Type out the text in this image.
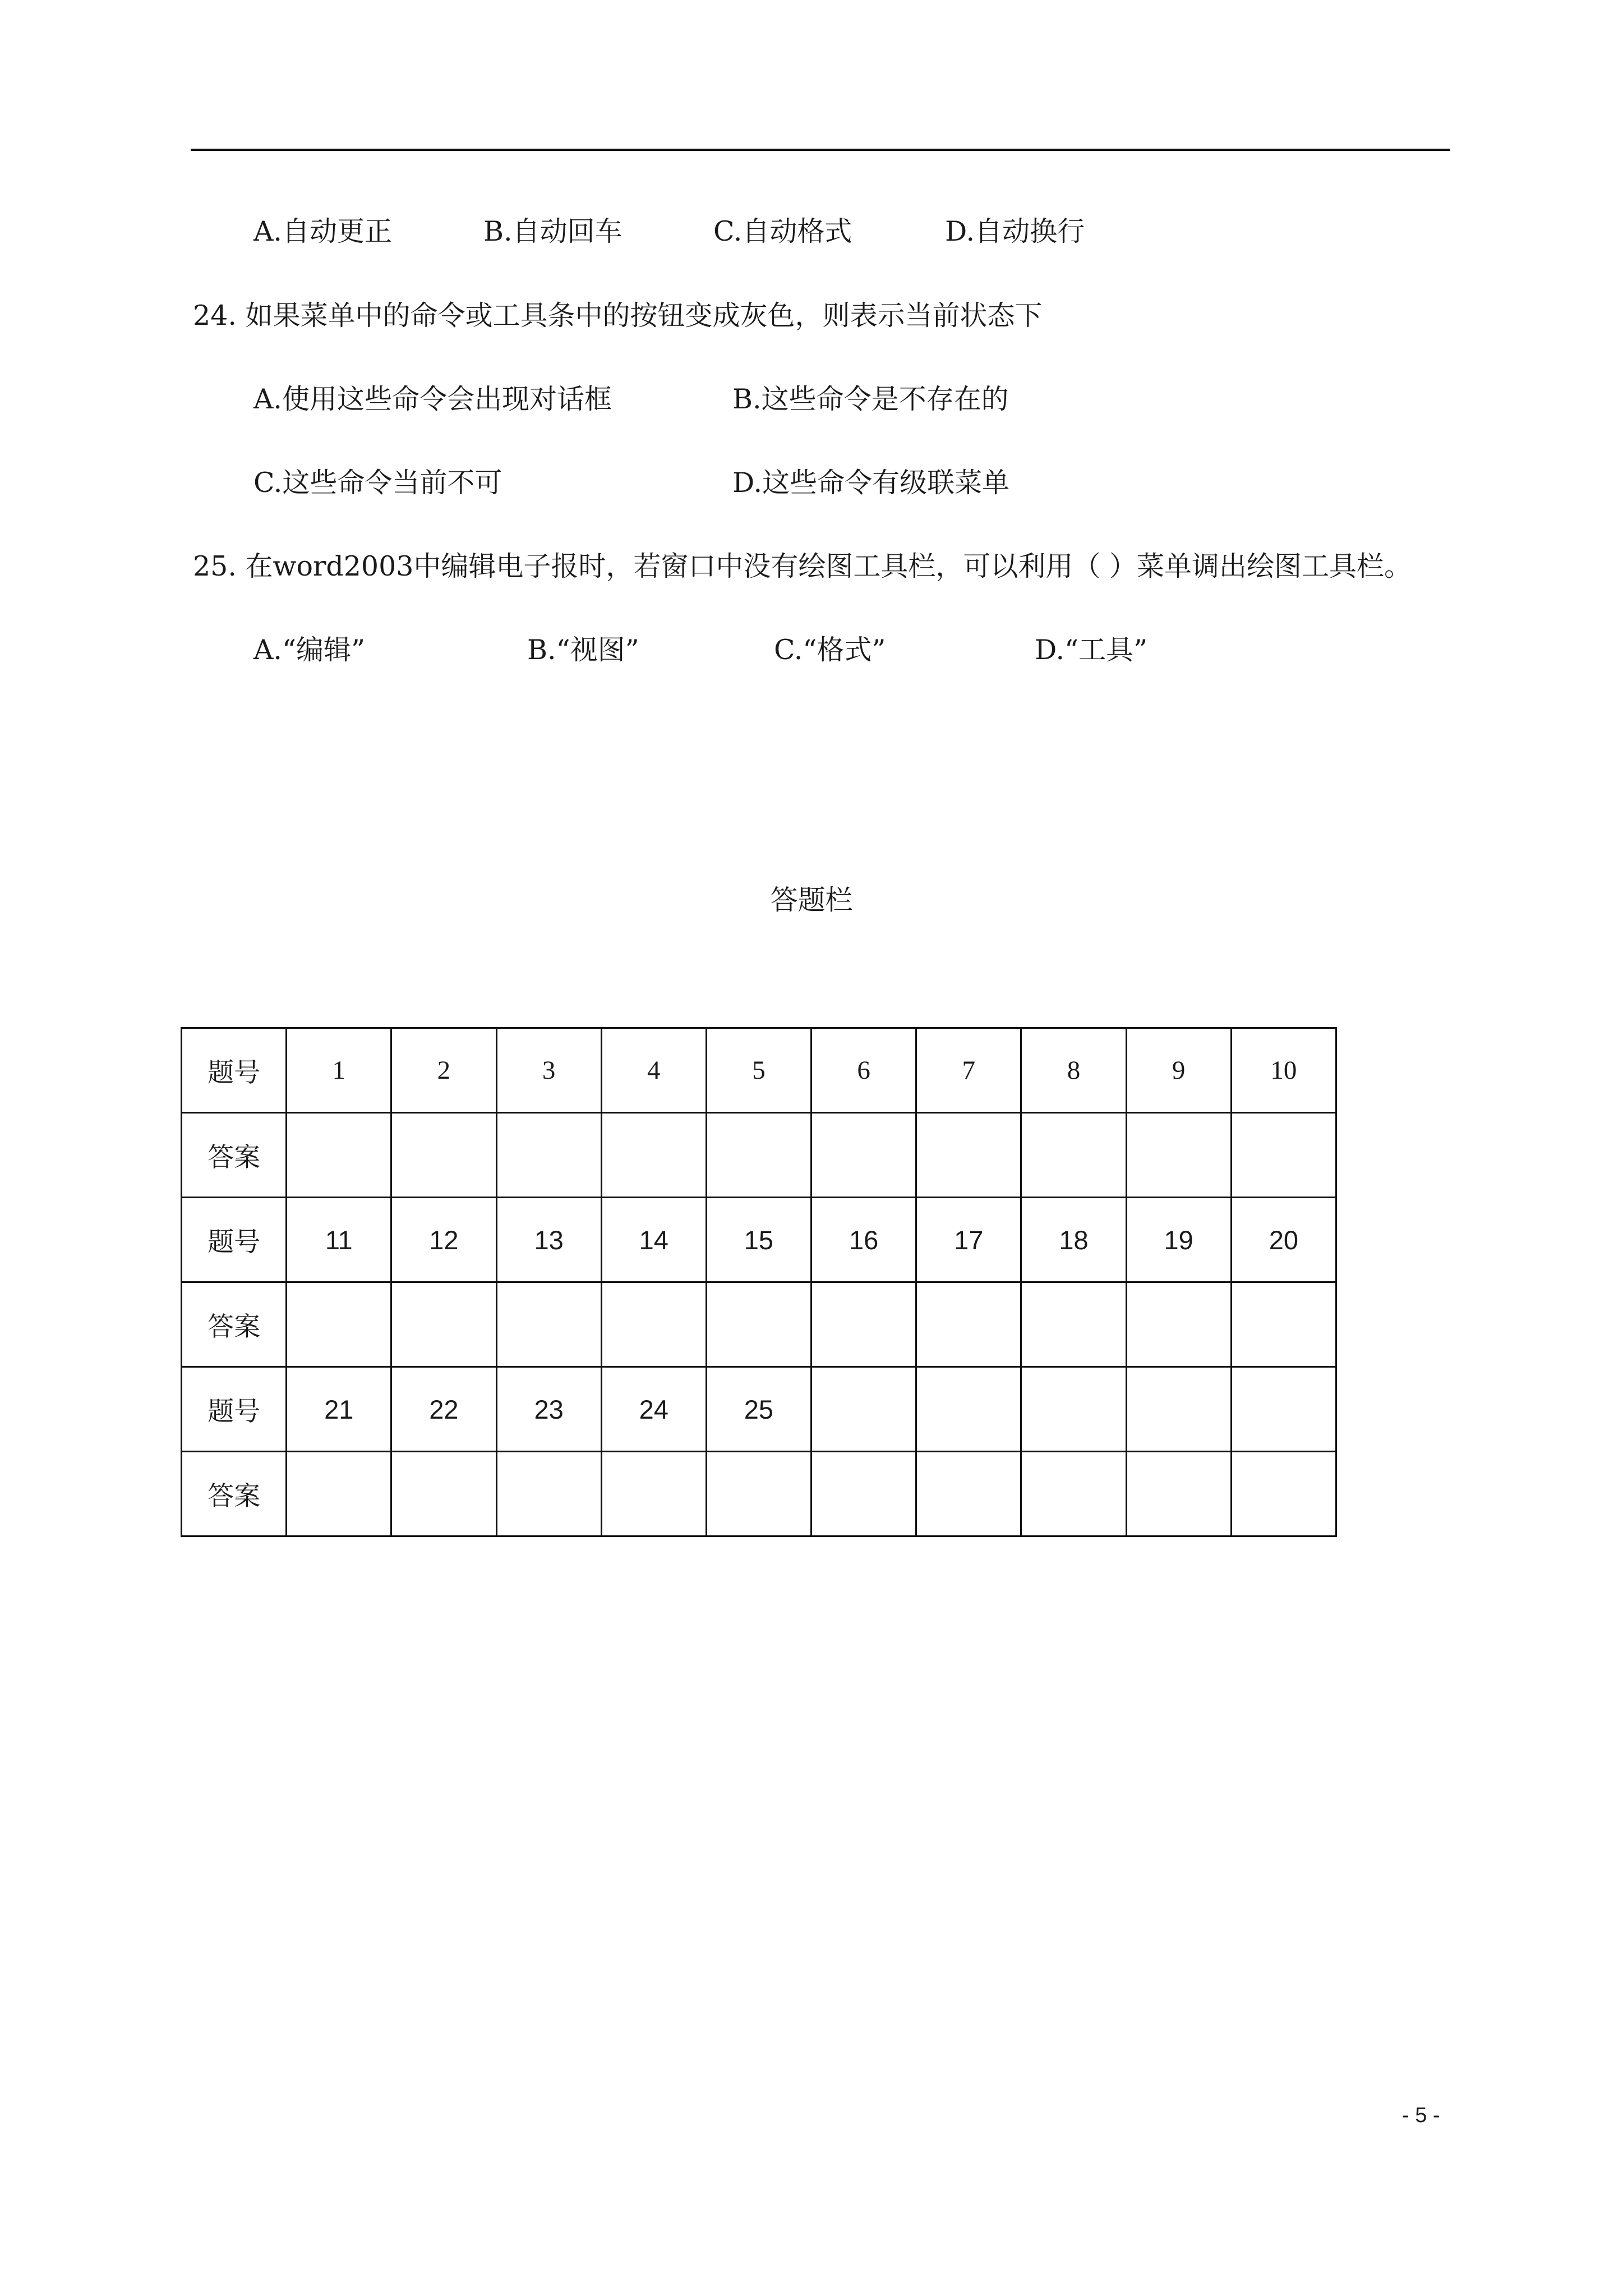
A.自动更正	B.自动回车	C.自动格式	D.自动换行
24. 如果菜单中的命令或工具条中的按钮变成灰色，则表示当前状态下
A.使用这些命令会出现对话框	B.这些命令是不存在的
C.这些命令当前不可	D.这些命令有级联菜单
25. 在word2003中编辑电子报时，若窗口中没有绘图工具栏，可以利用（ ）菜单调出绘图工具栏。
A.“编辑”	B.“视图”	C.“格式”	D.“工具”
答题栏
题号	1	2	3	4	5	6	7	8	9	10
答案										
题号	11	12	13	14	15	16	17	18	19	20
答案										
题号	21	22	23	24	25					
答案										
- 5 -
